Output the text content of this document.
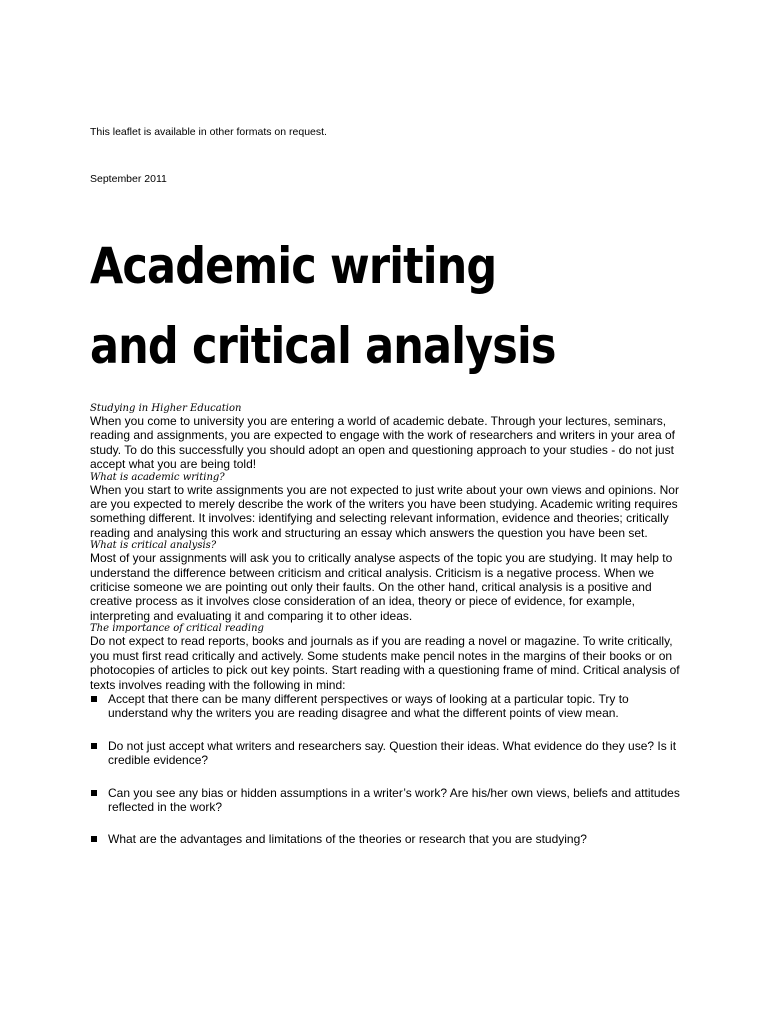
This leaflet is available in other formats on request.
September 2011
Academic writing
and critical analysis
Studying in Higher Education

When you come to university you are entering a world of academic debate. Through your lectures, seminars, reading and assignments, you are expected to engage with the work of researchers and writers in your area of study. To do this successfully you should adopt an open and questioning approach to your studies - do not just accept what you are being told!

What is academic writing?

When you start to write assignments you are not expected to just write about your own views and opinions. Nor are you expected to merely describe the work of the writers you have been studying. Academic writing requires something different. It involves: identifying and selecting relevant information, evidence and theories; critically reading and analysing this work and structuring an essay which answers the question you have been set.

What is critical analysis?

Most of your assignments will ask you to critically analyse aspects of the topic you are studying. It may help to understand the difference between criticism and critical analysis. Criticism is a negative process. When we criticise someone we are pointing out only their faults. On the other hand, critical analysis is a positive and creative process as it involves close consideration of an idea, theory or piece of evidence, for example, interpreting and evaluating it and comparing it to other ideas.

The importance of critical reading

Do not expect to read reports, books and journals as if you are reading a novel or magazine. To write critically, you must first read critically and actively. Some students make pencil notes in the margins of their books or on photocopies of articles to pick out key points. Start reading with a questioning frame of mind. Critical analysis of texts involves reading with the following in mind:

Accept that there can be many different perspectives or ways of looking at a particular topic. Try to understand why the writers you are reading disagree and what the different points of view mean.
Do not just accept what writers and researchers say. Question their ideas. What evidence do they use? Is it credible evidence?
Can you see any bias or hidden assumptions in a writer’s work? Are his/her own views, beliefs and attitudes reflected in the work?
What are the advantages and limitations of the theories or research that you are studying?
